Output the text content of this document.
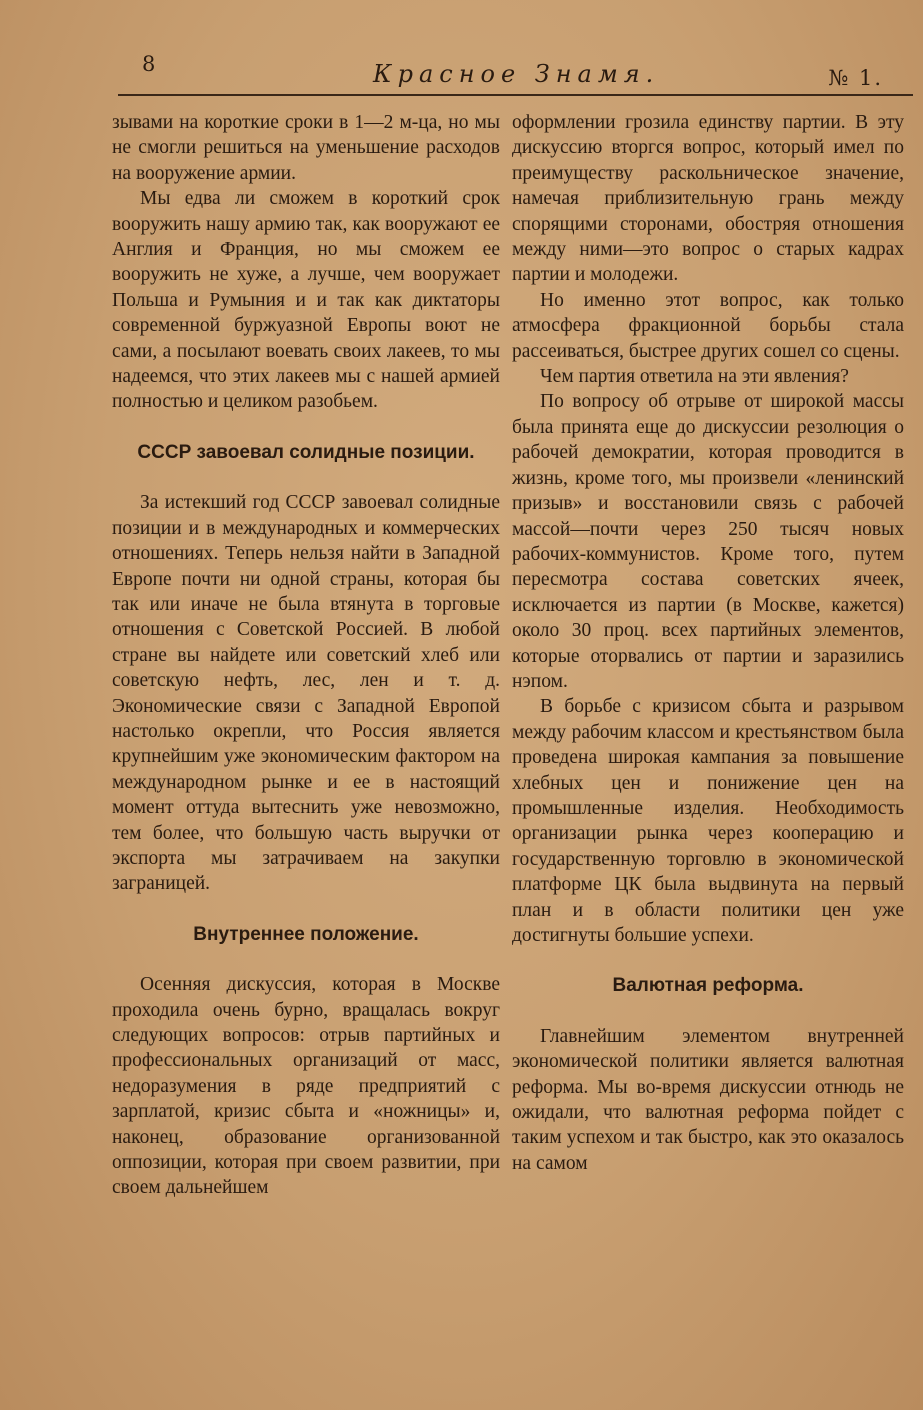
8	Красное Знамя.	№ 1.

зывами на короткие сроки в 1—2 м-ца, но мы не смогли решиться на уменьшение расходов на вооружение армии.

Мы едва ли сможем в короткий срок вооружить нашу армию так, как вооружают ее Англия и Франция, но мы сможем ее вооружить не хуже, а лучше, чем вооружает Польша и Румыния и и так как диктаторы современной буржуазной Европы воют не сами, а посылают воевать своих лакеев, то мы надеемся, что этих лакеев мы с нашей армией полностью и целиком разобьем.

СССР завоевал солидные позиции.

За истекший год СССР завоевал солидные позиции и в международных и коммерческих отношениях. Теперь нельзя найти в Западной Европе почти ни одной страны, которая бы так или иначе не была втянута в торговые отношения с Советской Россией. В любой стране вы найдете или советский хлеб или советскую нефть, лес, лен и т. д. Экономические связи с Западной Европой настолько окрепли, что Россия является крупнейшим уже экономическим фактором на международном рынке и ее в настоящий момент оттуда вытеснить уже невозможно, тем более, что большую часть выручки от экспорта мы затрачиваем на закупки заграницей.

Внутреннее положение.

Осенняя дискуссия, которая в Москве проходила очень бурно, вращалась вокруг следующих вопросов: отрыв партийных и профессиональных организаций от масс, недоразумения в ряде предприятий с зарплатой, кризис сбыта и «ножницы» и, наконец, образование организованной оппозиции, которая при своем развитии, при своем дальнейшем

оформлении грозила единству партии. В эту дискуссию вторгся вопрос, который имел по преимуществу раскольническое значение, намечая приблизительную грань между спорящими сторонами, обостряя отношения между ними—это вопрос о старых кадрах партии и молодежи.

Но именно этот вопрос, как только атмосфера фракционной борьбы стала рассеиваться, быстрее других сошел со сцены.

Чем партия ответила на эти явления?

По вопросу об отрыве от широкой массы была принята еще до дискуссии резолюция о рабочей демократии, которая проводится в жизнь, кроме того, мы произвели «ленинский призыв» и восстановили связь с рабочей массой—почти через 250 тысяч новых рабочих-коммунистов. Кроме того, путем пересмотра состава советских ячеек, исключается из партии (в Москве, кажется) около 30 проц. всех партийных элементов, которые оторвались от партии и заразились нэпом.

В борьбе с кризисом сбыта и разрывом между рабочим классом и крестьянством была проведена широкая кампания за повышение хлебных цен и понижение цен на промышленные изделия. Необходимость организации рынка через кооперацию и государственную торговлю в экономической платформе ЦК была выдвинута на первый план и в области политики цен уже достигнуты большие успехи.

Валютная реформа.

Главнейшим элементом внутренней экономической политики является валютная реформа. Мы во-время дискуссии отнюдь не ожидали, что валютная реформа пойдет с таким успехом и так быстро, как это оказалось на самом
